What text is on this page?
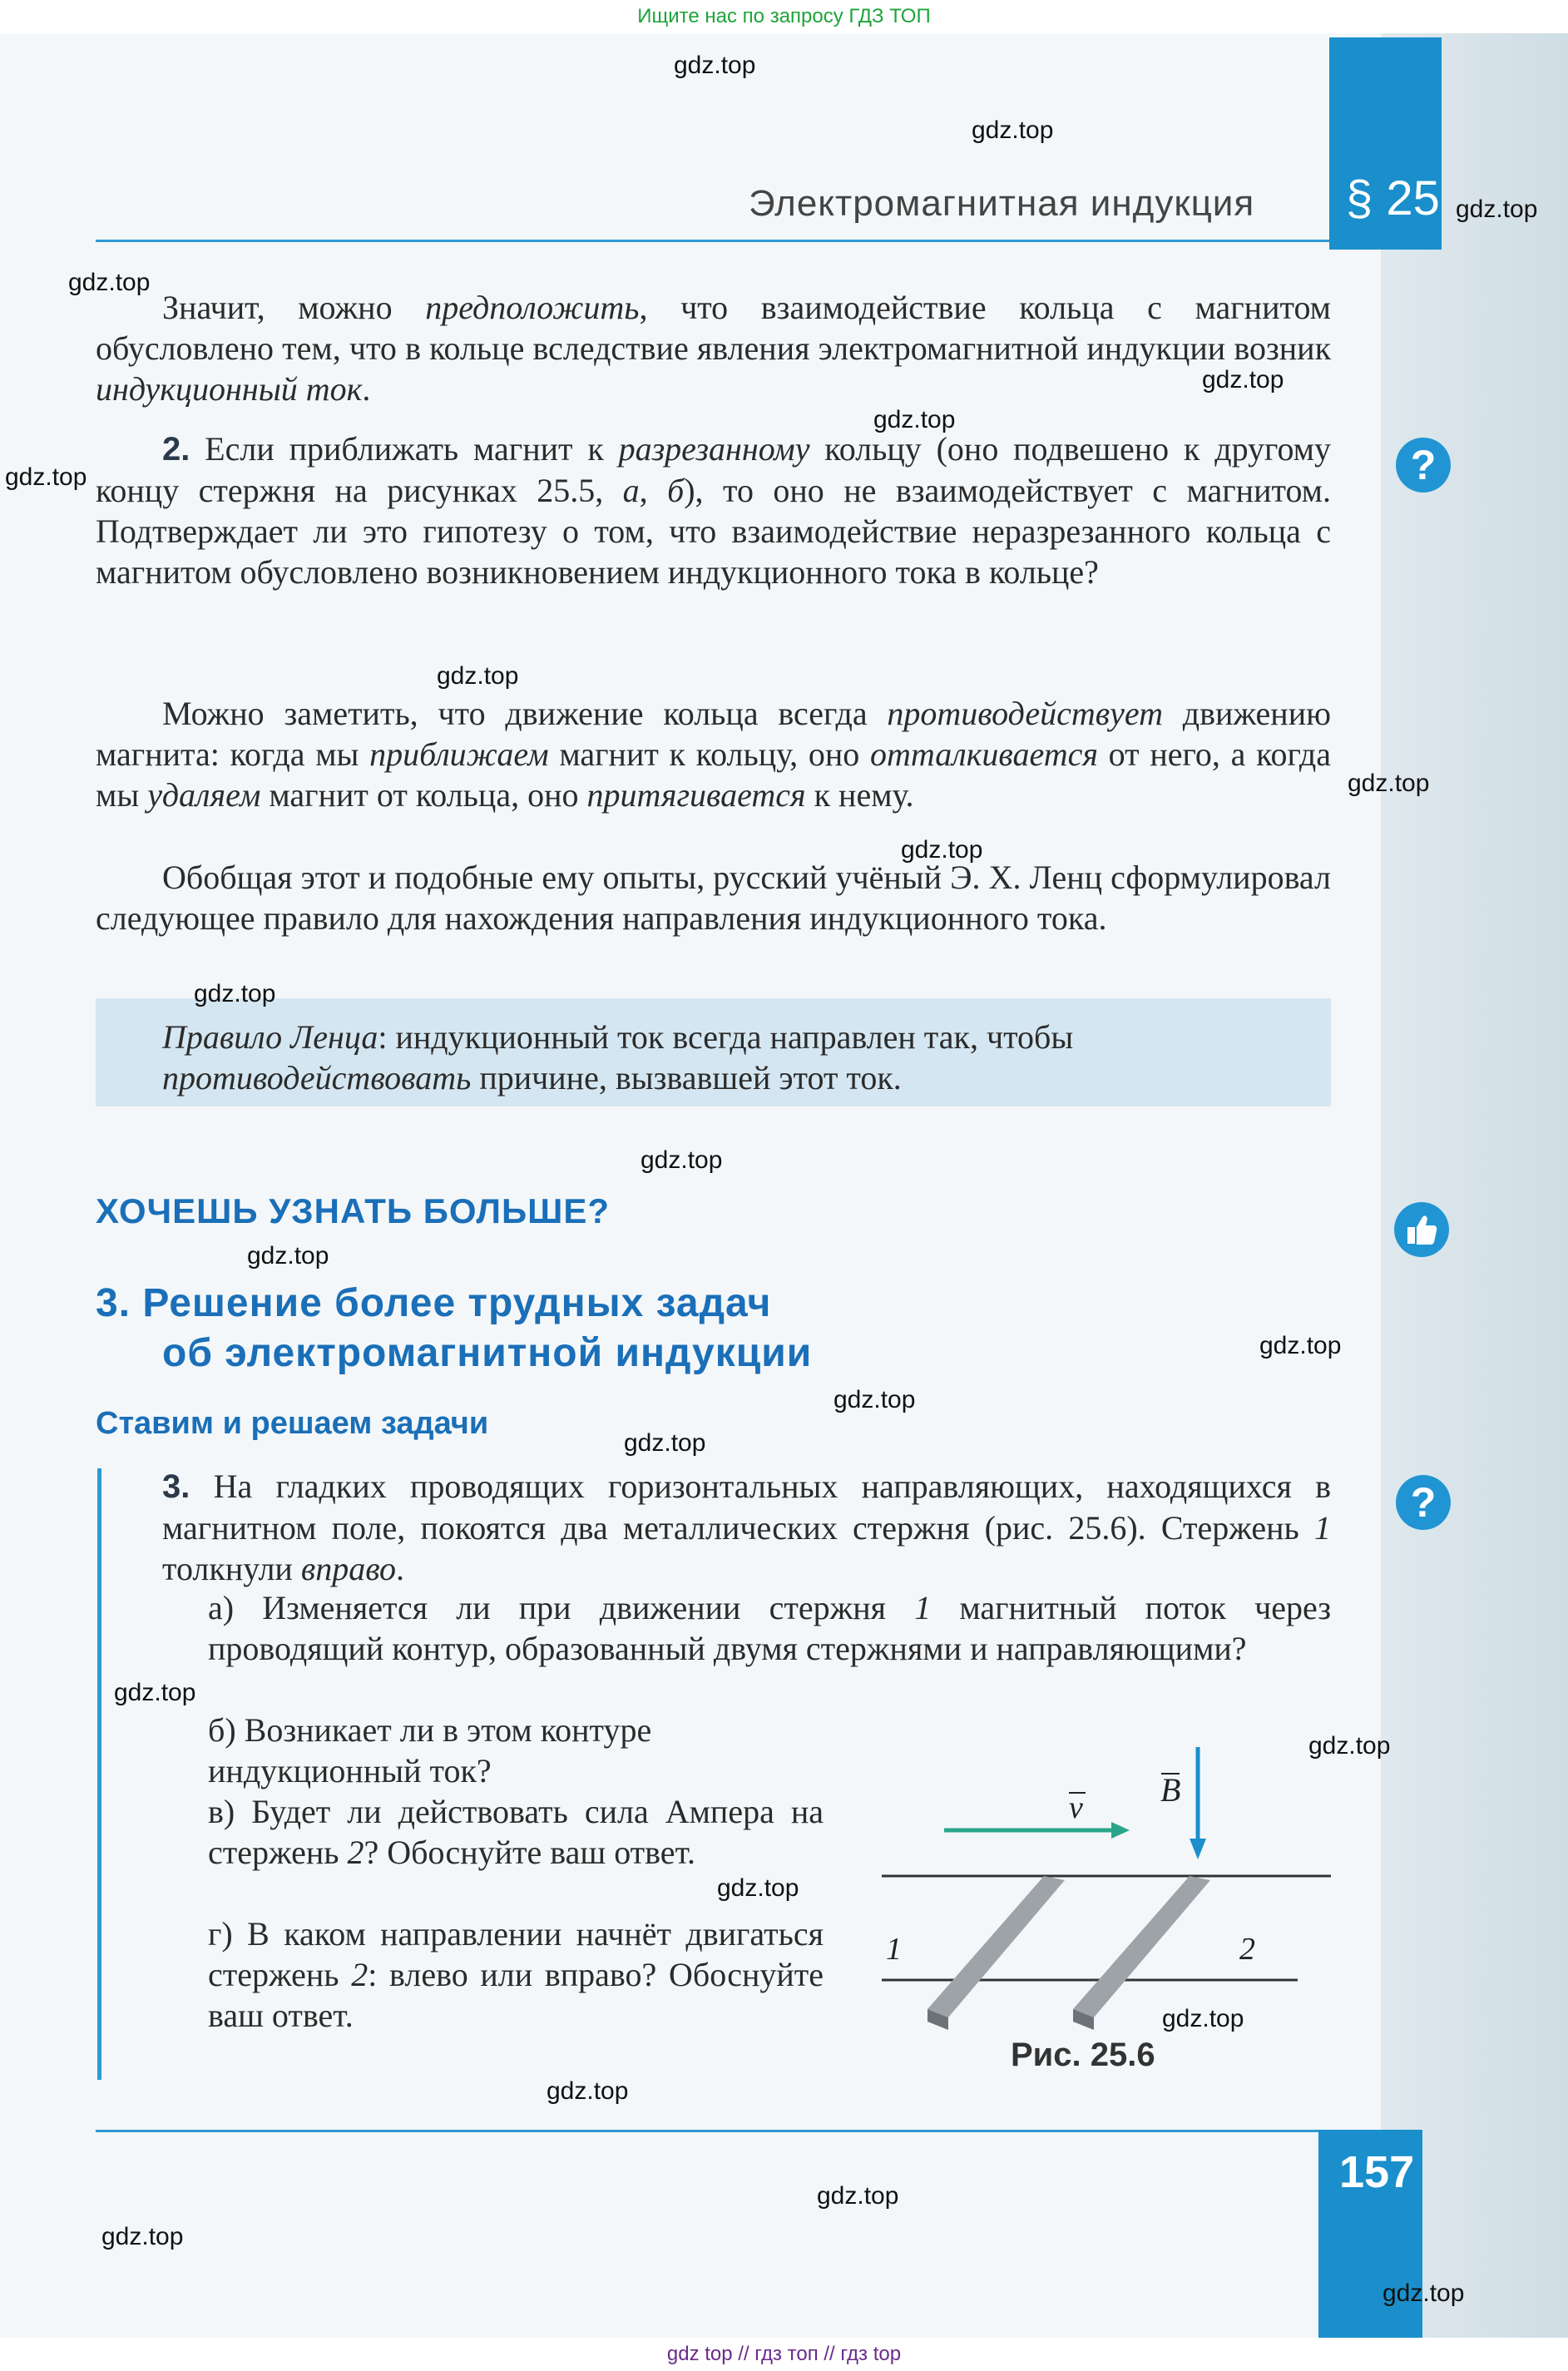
Ищите нас по запросу ГДЗ ТОП
§ 25
Электромагнитная индукция

Значит, можно предположить, что взаимодействие кольца с магнитом обусловлено тем, что в кольце вследствие явления электромагнитной индукции возник индукционный ток.

2. Если приближать магнит к разрезанному кольцу (оно подвешено к другому концу стержня на рисунках 25.5, а, б), то оно не взаимодействует с магнитом. Подтверждает ли это гипотезу о том, что взаимодействие неразрезанного кольца с магнитом обусловлено возникновением индукционного тока в кольце?

Можно заметить, что движение кольца всегда противодействует движению магнита: когда мы приближаем магнит к кольцу, оно отталкивается от него, а когда мы удаляем магнит от кольца, оно притягивается к нему.

Обобщая этот и подобные ему опыты, русский учёный Э. Х. Ленц сформулировал следующее правило для нахождения направления индукционного тока.

Правило Ленца: индукционный ток всегда направлен так, чтобы противодействовать причине, вызвавшей этот ток.
ХОЧЕШЬ УЗНАТЬ БОЛЬШЕ?
3. Решение более трудных задач
об электромагнитной индукции
Ставим и решаем задачи

3. На гладких проводящих горизонтальных направляющих, находящихся в магнитном поле, покоятся два металлических стержня (рис. 25.6). Стержень 1 толкнули вправо.

а) Изменяется ли при движении стержня 1 магнитный поток через проводящий контур, образованный двумя стержнями и направляющими?
б) Возникает ли в этом контуре индукционный ток?
в) Будет ли действовать сила Ампера на стержень 2? Обоснуйте ваш ответ.
г) В каком направлении начнёт двигаться стержень 2: влево или вправо? Обоснуйте ваш ответ.
B
v
1	2
Рис. 25.6
?
?
157
gdz.top
gdz.top
gdz.top
gdz.top
gdz.top
gdz.top
gdz.top
gdz.top
gdz.top
gdz.top
gdz.top
gdz.top
gdz.top
gdz.top
gdz.top
gdz.top
gdz.top
gdz.top
gdz.top
gdz.top
gdz.top
gdz.top
gdz.top
gdz.top
gdz top // гдз топ // гдз top
